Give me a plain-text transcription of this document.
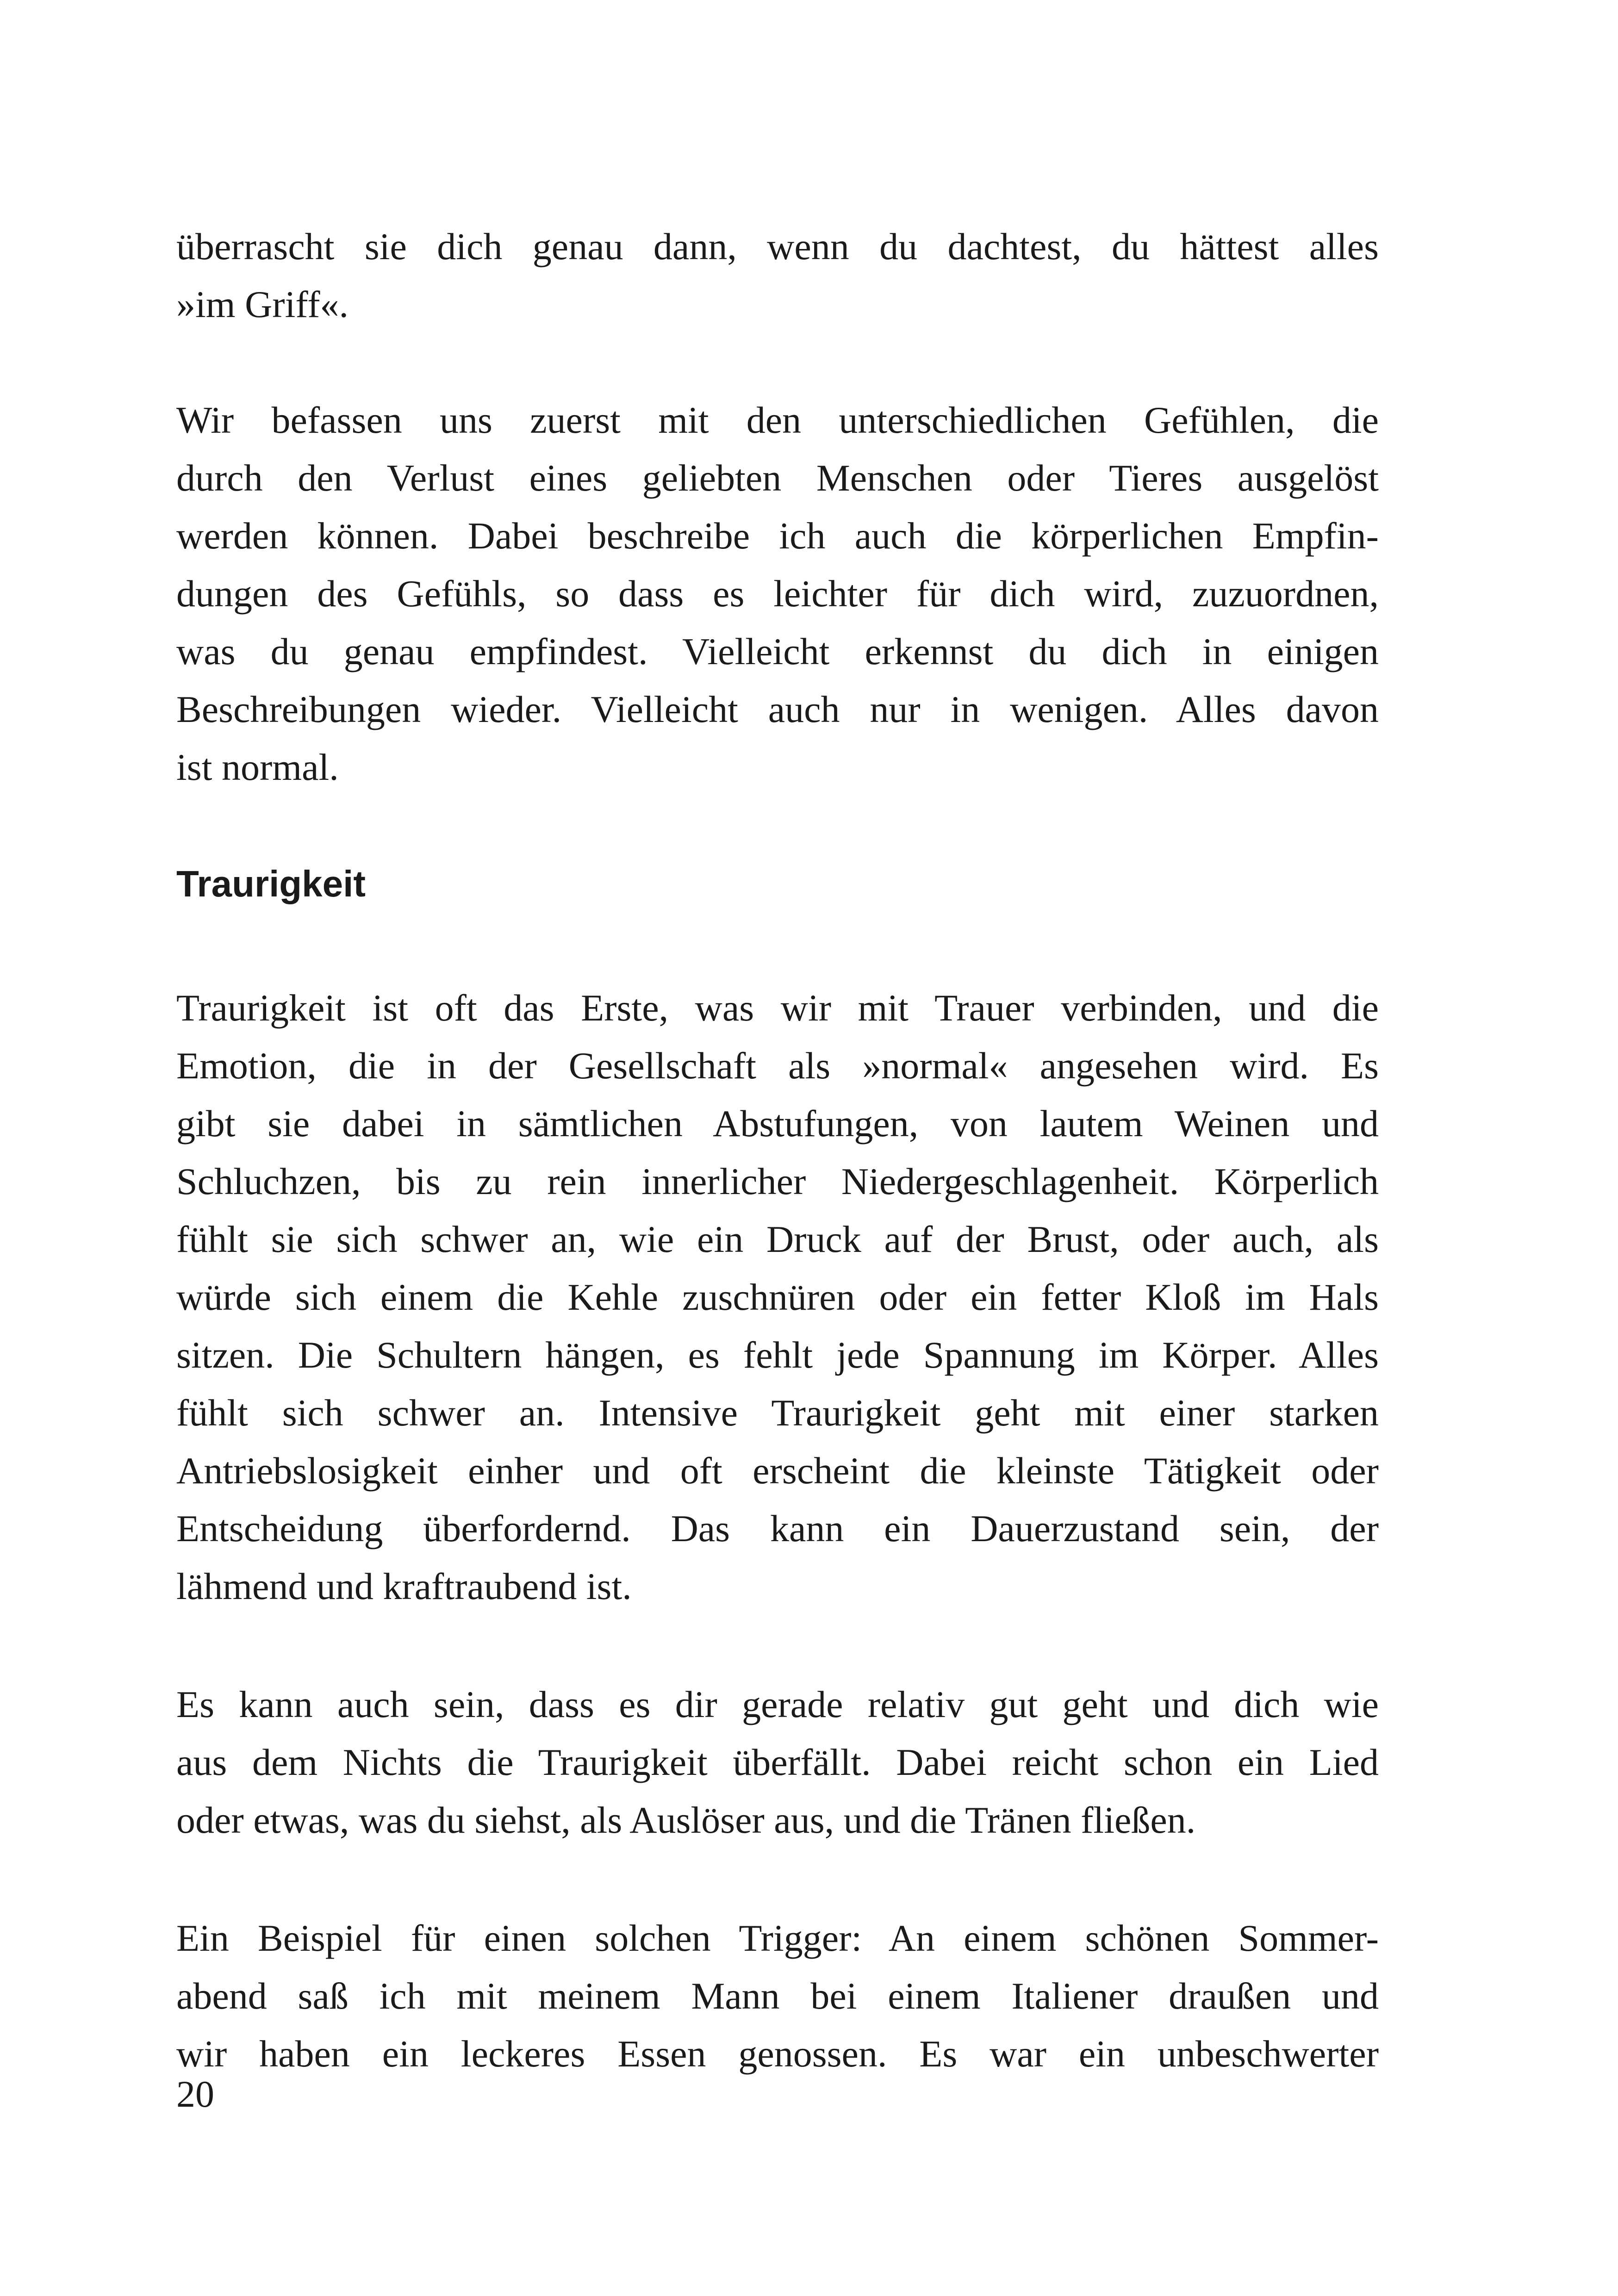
überrascht sie dich genau dann, wenn du dachtest, du hättest alles
»im Griff«.
Wir befassen uns zuerst mit den unterschiedlichen Gefühlen, die
durch den Verlust eines geliebten Menschen oder Tieres ausgelöst
werden können. Dabei beschreibe ich auch die körperlichen Empfin-
dungen des Gefühls, so dass es leichter für dich wird, zuzuordnen,
was du genau empfindest. Vielleicht erkennst du dich in einigen
Beschreibungen wieder. Vielleicht auch nur in wenigen. Alles davon
ist normal.
Traurigkeit
Traurigkeit ist oft das Erste, was wir mit Trauer verbinden, und die
Emotion, die in der Gesellschaft als »normal« angesehen wird. Es
gibt sie dabei in sämtlichen Abstufungen, von lautem Weinen und
Schluchzen, bis zu rein innerlicher Niedergeschlagenheit. Körperlich
fühlt sie sich schwer an, wie ein Druck auf der Brust, oder auch, als
würde sich einem die Kehle zuschnüren oder ein fetter Kloß im Hals
sitzen. Die Schultern hängen, es fehlt jede Spannung im Körper. Alles
fühlt sich schwer an. Intensive Traurigkeit geht mit einer starken
Antriebslosigkeit einher und oft erscheint die kleinste Tätigkeit oder
Entscheidung überfordernd. Das kann ein Dauerzustand sein, der
lähmend und kraftraubend ist.
Es kann auch sein, dass es dir gerade relativ gut geht und dich wie
aus dem Nichts die Traurigkeit überfällt. Dabei reicht schon ein Lied
oder etwas, was du siehst, als Auslöser aus, und die Tränen fließen.
Ein Beispiel für einen solchen Trigger: An einem schönen Sommer-
abend saß ich mit meinem Mann bei einem Italiener draußen und
wir haben ein leckeres Essen genossen. Es war ein unbeschwerter
20
